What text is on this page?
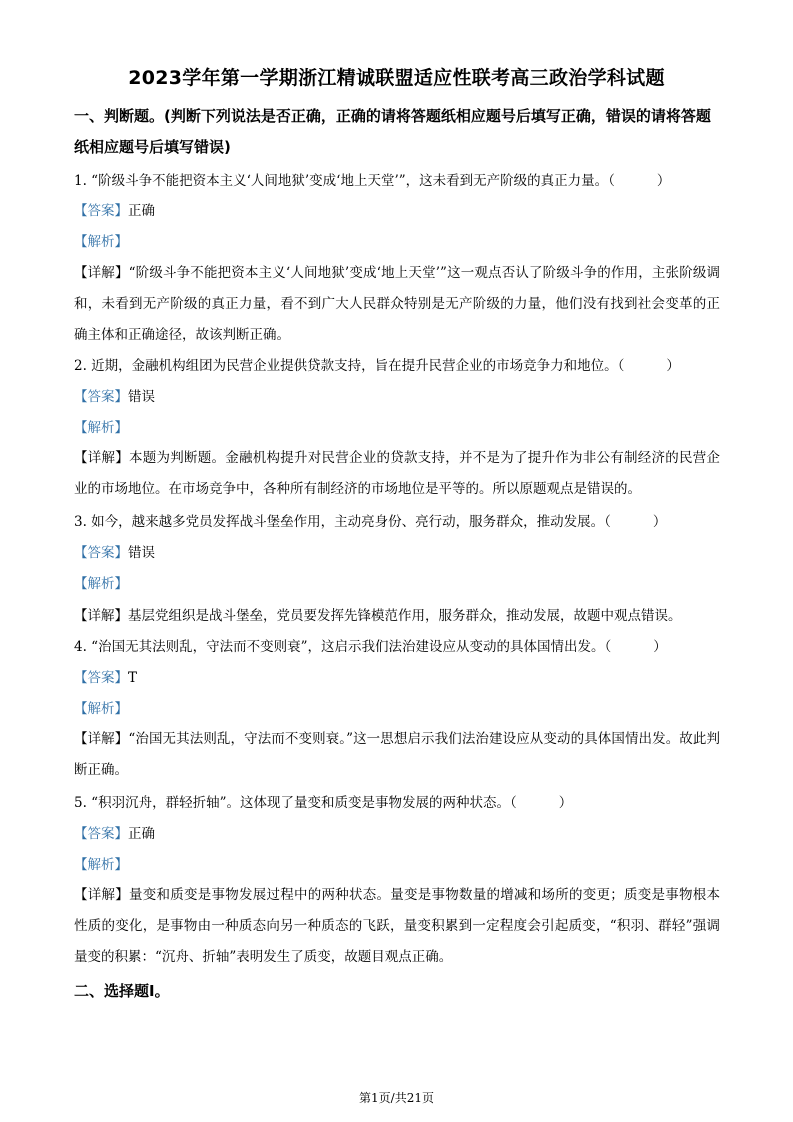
2023学年第一学期浙江精诚联盟适应性联考高三政治学科试题
一、判断题。(判断下列说法是否正确，正确的请将答题纸相应题号后填写正确，错误的请将答题纸相应题号后填写错误)
1. “阶级斗争不能把资本主义‘人间地狱’变成‘地上天堂’”，这未看到无产阶级的真正力量。（	）
【答案】正确
【解析】
【详解】“阶级斗争不能把资本主义‘人间地狱’变成‘地上天堂’”这一观点否认了阶级斗争的作用，主张阶级调和，未看到无产阶级的真正力量，看不到广大人民群众特别是无产阶级的力量，他们没有找到社会变革的正确主体和正确途径，故该判断正确。
2. 近期，金融机构组团为民营企业提供贷款支持，旨在提升民营企业的市场竞争力和地位。（	）
【答案】错误
【解析】
【详解】本题为判断题。金融机构提升对民营企业的贷款支持，并不是为了提升作为非公有制经济的民营企业的市场地位。在市场竞争中，各种所有制经济的市场地位是平等的。所以原题观点是错误的。
3. 如今，越来越多党员发挥战斗堡垒作用，主动亮身份、亮行动，服务群众，推动发展。（	）
【答案】错误
【解析】
【详解】基层党组织是战斗堡垒，党员要发挥先锋模范作用，服务群众，推动发展，故题中观点错误。
4. “治国无其法则乱，守法而不变则衰”，这启示我们法治建设应从变动的具体国情出发。（	）
【答案】T
【解析】
【详解】“治国无其法则乱，守法而不变则衰。”这一思想启示我们法治建设应从变动的具体国情出发。故此判断正确。
5. “积羽沉舟，群轻折轴”。这体现了量变和质变是事物发展的两种状态。（	）
【答案】正确
【解析】
【详解】量变和质变是事物发展过程中的两种状态。量变是事物数量的增减和场所的变更；质变是事物根本性质的变化，是事物由一种质态向另一种质态的飞跃，量变积累到一定程度会引起质变，“积羽、群轻”强调量变的积累：“沉舟、折轴”表明发生了质变，故题目观点正确。
二、选择题Ⅰ。
第1页/共21页
